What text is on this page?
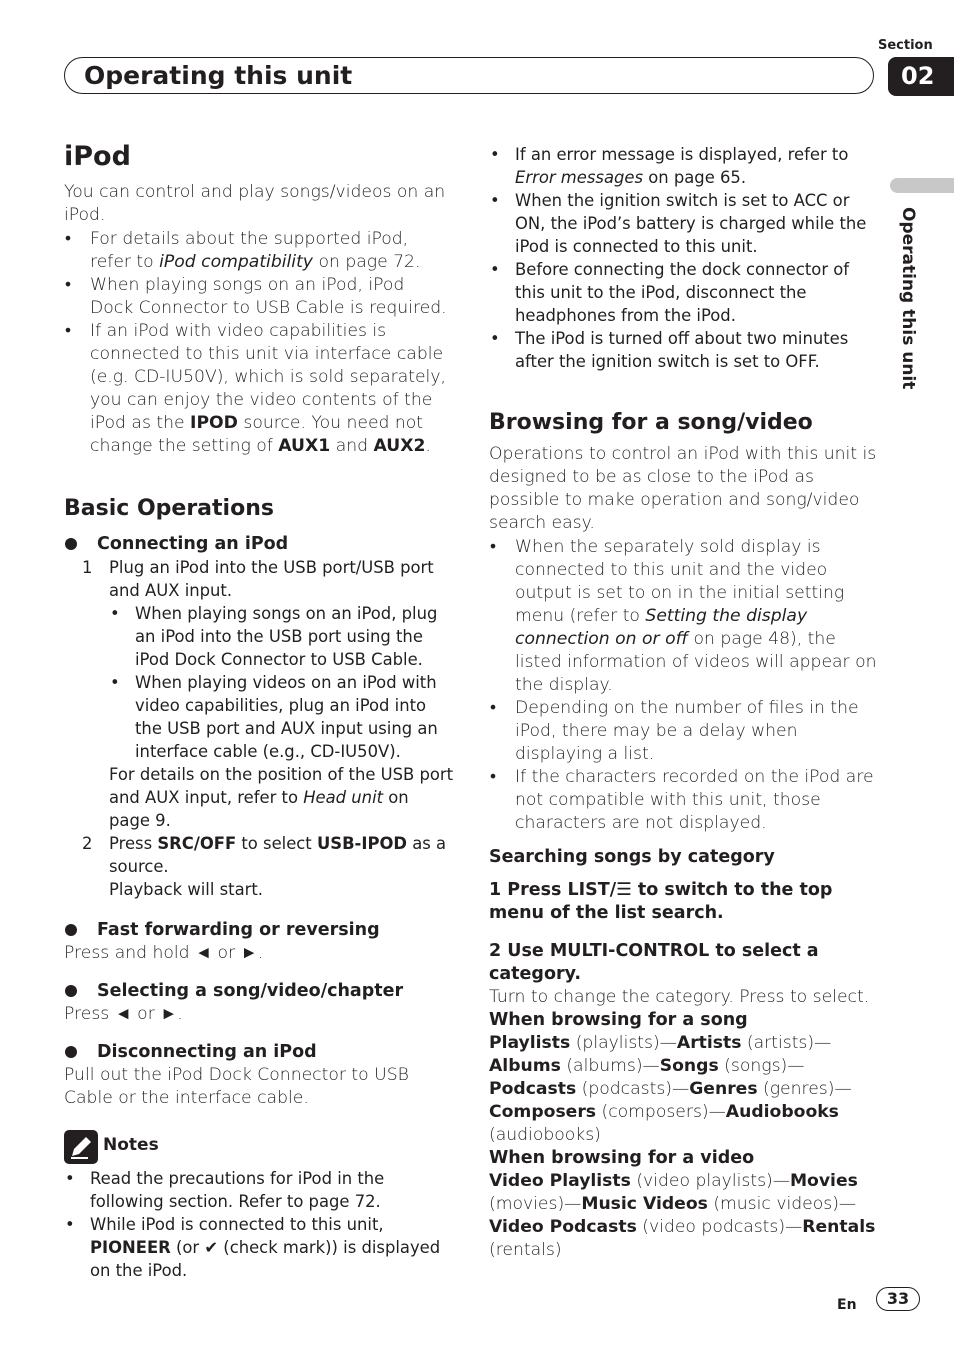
Section
02
Operating this unit
Operating this unit
iPod

You can control and play songs/videos on an iPod.

• For details about the supported iPod, refer to iPod compatibility on page 72.
• When playing songs on an iPod, iPod Dock Connector to USB Cable is required.
• If an iPod with video capabilities is connected to this unit via interface cable (e.g. CD-IU50V), which is sold separately, you can enjoy the video contents of the iPod as the IPOD source. You need not change the setting of AUX1 and AUX2.
Basic Operations
Connecting an iPod
1 Plug an iPod into the USB port/USB port and AUX input.
• When playing songs on an iPod, plug an iPod into the USB port using the iPod Dock Connector to USB Cable.
• When playing videos on an iPod with video capabilities, plug an iPod into the USB port and AUX input using an interface cable (e.g., CD-IU50V).
For details on the position of the USB port and AUX input, refer to Head unit on page 9.
2 Press SRC/OFF to select USB-IPOD as a source.
Playback will start.
Fast forwarding or reversing

Press and hold ◄ or ►.

Selecting a song/video/chapter

Press ◄ or ►.

Disconnecting an iPod

Pull out the iPod Dock Connector to USB Cable or the interface cable.

Notes
• Read the precautions for iPod in the following section. Refer to page 72.
• While iPod is connected to this unit, PIONEER (or ✔ (check mark)) is displayed on the iPod.
• If an error message is displayed, refer to Error messages on page 65.
• When the ignition switch is set to ACC or ON, the iPod’s battery is charged while the iPod is connected to this unit.
• Before connecting the dock connector of this unit to the iPod, disconnect the headphones from the iPod.
• The iPod is turned off about two minutes after the ignition switch is set to OFF.
Browsing for a song/video

Operations to control an iPod with this unit is designed to be as close to the iPod as possible to make operation and song/video search easy.

• When the separately sold display is connected to this unit and the video output is set to on in the initial setting menu (refer to Setting the display connection on or off on page 48), the listed information of videos will appear on the display.
• Depending on the number of files in the iPod, there may be a delay when displaying a list.
• If the characters recorded on the iPod are not compatible with this unit, those characters are not displayed.
Searching songs by category

1 Press LIST/☰ to switch to the top menu of the list search.

2 Use MULTI-CONTROL to select a category.

Turn to change the category. Press to select.

When browsing for a song
Playlists (playlists)—Artists (artists)—Albums (albums)—Songs (songs)—Podcasts (podcasts)—Genres (genres)—Composers (composers)—Audiobooks (audiobooks)
When browsing for a video
Video Playlists (video playlists)—Movies (movies)—Music Videos (music videos)—Video Podcasts (video podcasts)—Rentals (rentals)
En	33
